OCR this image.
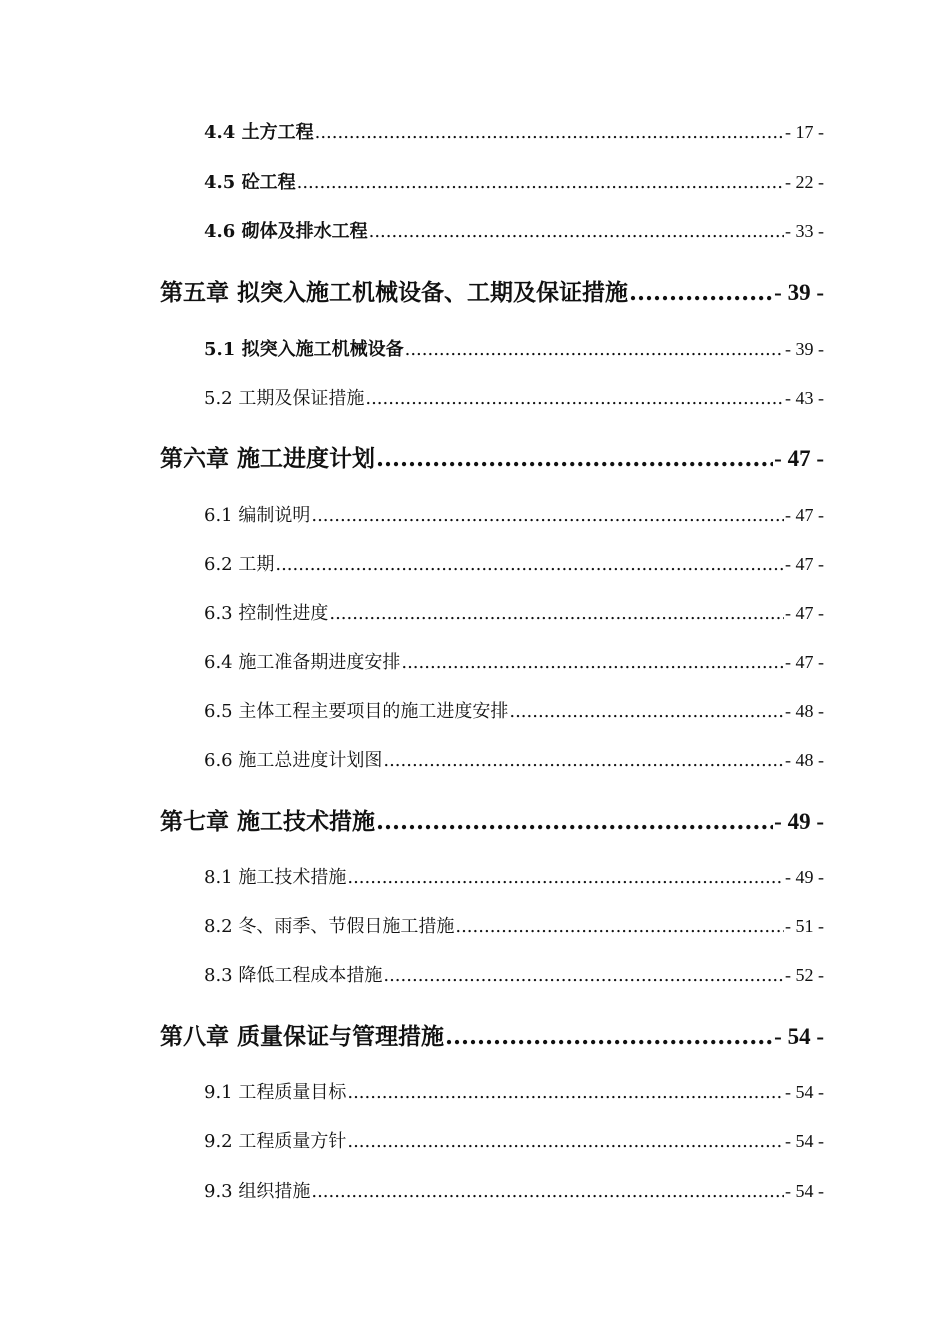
4.4 土方工程 .....	- 17 -
4.5 砼工程 .....	- 22 -
4.6 砌体及排水工程 .....	- 33 -
第五章 拟突入施工机械设备、工期及保证措施 .....	- 39 -
5.1 拟突入施工机械设备 .....	- 39 -
5.2 工期及保证措施 .....	- 43 -
第六章 施工进度计划 .....	- 47 -
6.1 编制说明 .....	- 47 -
6.2 工期 .....	- 47 -
6.3 控制性进度 .....	- 47 -
6.4 施工准备期进度安排 .....	- 47 -
6.5 主体工程主要项目的施工进度安排 .....	- 48 -
6.6 施工总进度计划图 .....	- 48 -
第七章 施工技术措施 .....	- 49 -
8.1 施工技术措施 .....	- 49 -
8.2 冬、雨季、节假日施工措施 .....	- 51 -
8.3 降低工程成本措施 .....	- 52 -
第八章 质量保证与管理措施 .....	- 54 -
9.1 工程质量目标 .....	- 54 -
9.2 工程质量方针 .....	- 54 -
9.3 组织措施 .....	- 54 -
